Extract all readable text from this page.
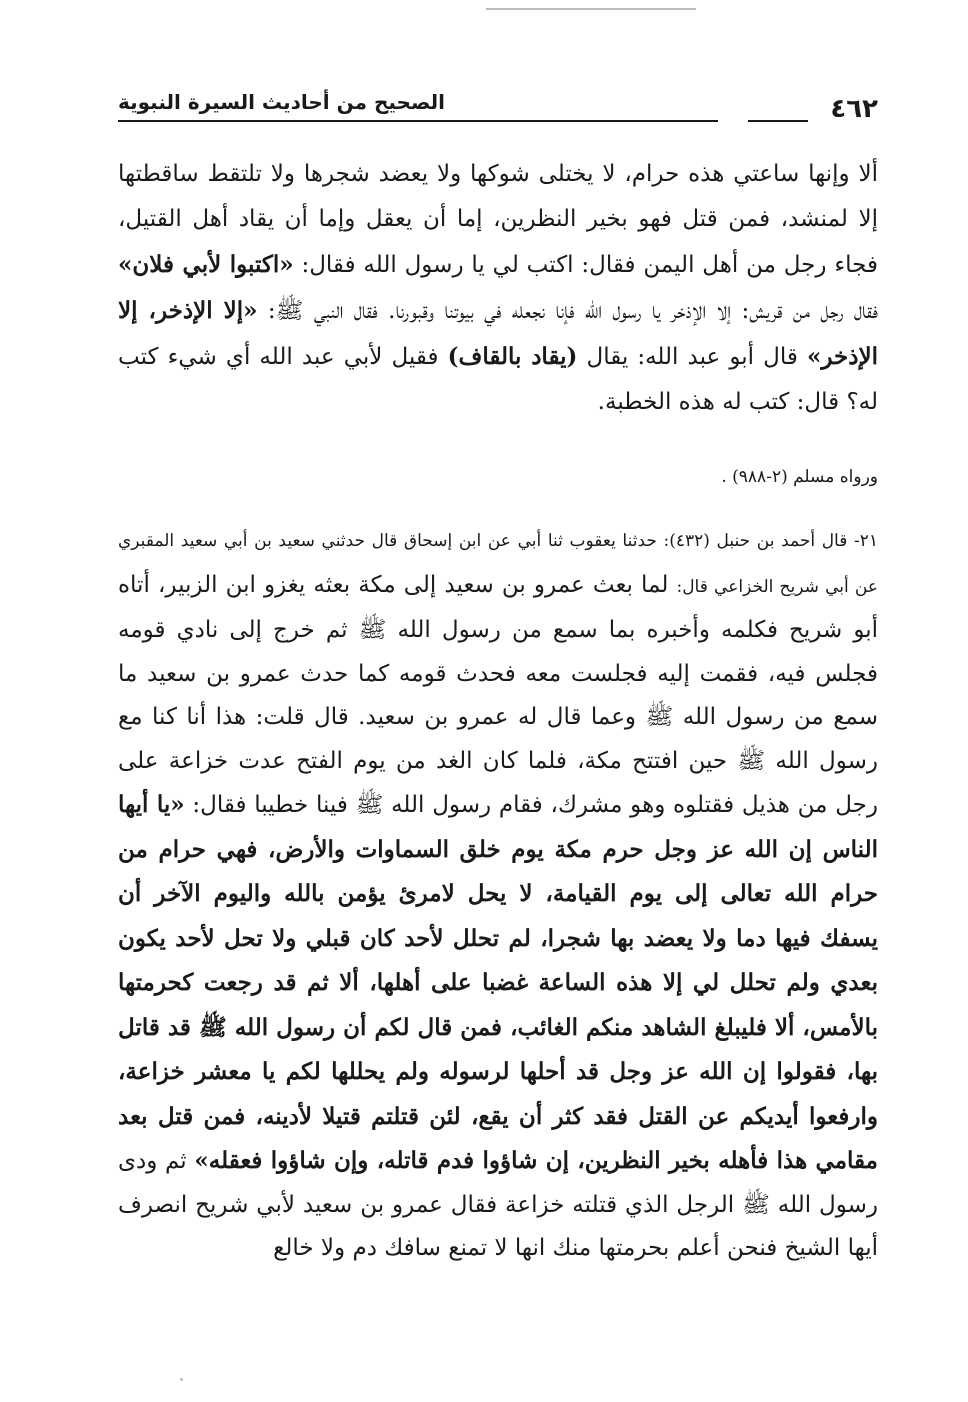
٤٦٢
الصحيح من أحاديث السيرة النبوية
ألا وإنها ساعتي هذه حرام، لا يختلى شوكها ولا يعضد شجرها ولا تلتقط ساقطتها إلا لمنشد، فمن قتل فهو بخير النظرين، إما أن يعقل وإما أن يقاد أهل القتيل، فجاء رجل من أهل اليمن فقال: اكتب لي يا رسول الله فقال: «اكتبوا لأبي فلان» فقال رجل من قريش: إلا الإذخر يا رسول الله فإنا نجعله في بيوتنا وقبورنا. فقال النبي ﷺ: «إلا الإذخر، إلا الإذخر» قال أبو عبد الله: يقال (يقاد بالقاف) فقيل لأبي عبد الله أي شيء كتب له؟ قال: كتب له هذه الخطبة.
ورواه مسلم (٢-٩٨٨) .
٢١- قال أحمد بن حنبل (٤٣٢): حدثنا يعقوب ثنا أبي عن ابن إسحاق قال حدثني سعيد بن أبي سعيد المقبري عن أبي شريح الخزاعي قال: لما بعث عمرو بن سعيد إلى مكة بعثه يغزو ابن الزبير، أتاه أبو شريح فكلمه وأخبره بما سمع من رسول الله ﷺ ثم خرج إلى نادي قومه فجلس فيه، فقمت إليه فجلست معه فحدث قومه كما حدث عمرو بن سعيد ما سمع من رسول الله ﷺ وعما قال له عمرو بن سعيد. قال قلت: هذا أنا كنا مع رسول الله ﷺ حين افتتح مكة، فلما كان الغد من يوم الفتح عدت خزاعة على رجل من هذيل فقتلوه وهو مشرك، فقام رسول الله ﷺ فينا خطيبا فقال: «يا أيها الناس إن الله عز وجل حرم مكة يوم خلق السماوات والأرض، فهي حرام من حرام الله تعالى إلى يوم القيامة، لا يحل لامرئ يؤمن بالله واليوم الآخر أن يسفك فيها دما ولا يعضد بها شجرا، لم تحلل لأحد كان قبلي ولا تحل لأحد يكون بعدي ولم تحلل لي إلا هذه الساعة غضبا على أهلها، ألا ثم قد رجعت كحرمتها بالأمس، ألا فليبلغ الشاهد منكم الغائب، فمن قال لكم أن رسول الله ﷺ قد قاتل بها، فقولوا إن الله عز وجل قد أحلها لرسوله ولم يحللها لكم يا معشر خزاعة، وارفعوا أيديكم عن القتل فقد كثر أن يقع، لئن قتلتم قتيلا لأدينه، فمن قتل بعد مقامي هذا فأهله بخير النظرين، إن شاؤوا فدم قاتله، وإن شاؤوا فعقله» ثم ودى رسول الله ﷺ الرجل الذي قتلته خزاعة فقال عمرو بن سعيد لأبي شريح انصرف أيها الشيخ فنحن أعلم بحرمتها منك انها لا تمنع سافك دم ولا خالع
